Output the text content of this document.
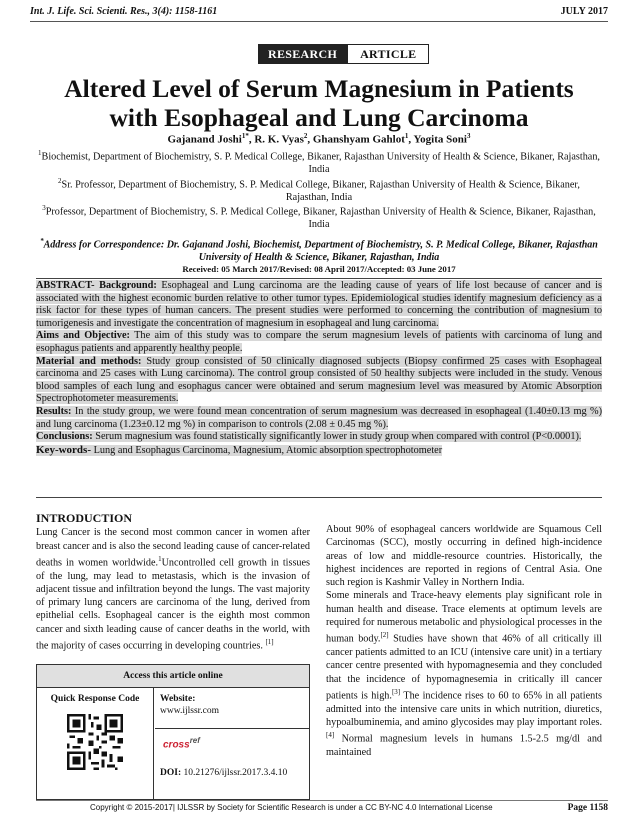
Int. J. Life. Sci. Scienti. Res., 3(4): 1158-1161	JULY 2017
RESEARCH	ARTICLE
Altered Level of Serum Magnesium in Patients
with Esophageal and Lung Carcinoma
Gajanand Joshi$^{1*}$, R. K. Vyas$^2$, Ghanshyam Gahlot$^1$, Yogita Soni$^3$
$^1$Biochemist, Department of Biochemistry, S. P. Medical College, Bikaner, Rajasthan University of Health & Science, Bikaner, Rajasthan, India
$^2$Sr. Professor, Department of Biochemistry, S. P. Medical College, Bikaner, Rajasthan University of Health & Science, Bikaner, Rajasthan, India
$^3$Professor, Department of Biochemistry, S. P. Medical College, Bikaner, Rajasthan University of Health & Science, Bikaner, Rajasthan, India
*Address for Correspondence: Dr. Gajanand Joshi, Biochemist, Department of Biochemistry, S. P. Medical College, Bikaner, Rajasthan University of Health & Science, Bikaner, Rajasthan, India
Received: 05 March 2017/Revised: 08 April 2017/Accepted: 03 June 2017

ABSTRACT- Background: Esophageal and Lung carcinoma are the leading cause of years of life lost because of cancer and is associated with the highest economic burden relative to other tumor types. Epidemiological studies identify magnesium deficiency as a risk factor for these types of human cancers. The present studies were performed to concerning the contribution of magnesium to tumorigenesis and investigate the concentration of magnesium in esophageal and lung carcinoma.

Aims and Objective: The aim of this study was to compare the serum magnesium levels of patients with carcinoma of lung and esophagus patients and apparently healthy people.

Material and methods: Study group consisted of 50 clinically diagnosed subjects (Biopsy confirmed 25 cases with Esophageal carcinoma and 25 cases with Lung carcinoma). The control group consisted of 50 healthy subjects were included in the study. Venous blood samples of each lung and esophagus cancer were obtained and serum magnesium level was measured by Atomic Absorption Spectrophotometer measurements.

Results: In the study group, we were found mean concentration of serum magnesium was decreased in esophageal (1.40±0.13 mg %) and lung carcinoma (1.23±0.12 mg %) in comparison to controls (2.08 ± 0.45 mg %).

Conclusions: Serum magnesium was found statistically significantly lower in study group when compared with control (P<0.0001).

Key-words- Lung and Esophagus Carcinoma, Magnesium, Atomic absorption spectrophotometer

INTRODUCTION

Lung Cancer is the second most common cancer in women after breast cancer and is also the second leading cause of cancer-related deaths in women worldwide.$^1$Uncontrolled cell growth in tissues of the lung, may lead to metastasis, which is the invasion of adjacent tissue and infiltration beyond the lungs. The vast majority of primary lung cancers are carcinoma of the lung, derived from epithelial cells. Esophageal cancer is the eighth most common cancer and sixth leading cause of cancer deaths in the world, with the majority of cases occurring in developing countries. [1]

Access this article online
Quick Response Code	Website:
www.ijlssr.com
cross$^{ref}$
DOI: 10.21276/ijlssr.2017.3.4.10

About 90% of esophageal cancers worldwide are Squamous Cell Carcinomas (SCC), mostly occurring in defined high-incidence areas of low and middle-resource countries. Historically, the highest incidences are reported in regions of Central Asia. One such region is Kashmir Valley in Northern India.

Some minerals and Trace-heavy elements play significant role in human health and disease. Trace elements at optimum levels are required for numerous metabolic and physiological processes in the human body.[2] Studies have shown that 46% of all critically ill cancer patients admitted to an ICU (intensive care unit) in a tertiary cancer centre presented with hypomagnesemia and they concluded that the incidence of hypomagnesemia in critically ill cancer patients is high.[3] The incidence rises to 60 to 65% in all patients admitted into the intensive care units in which nutrition, diuretics, hypoalbuminemia, and amino glycosides may play important roles.[4] Normal magnesium levels in humans 1.5-2.5 mg/dl and maintained

Copyright © 2015-2017| IJLSSR by Society for Scientific Research is under a CC BY-NC 4.0 International License	Page 1158
